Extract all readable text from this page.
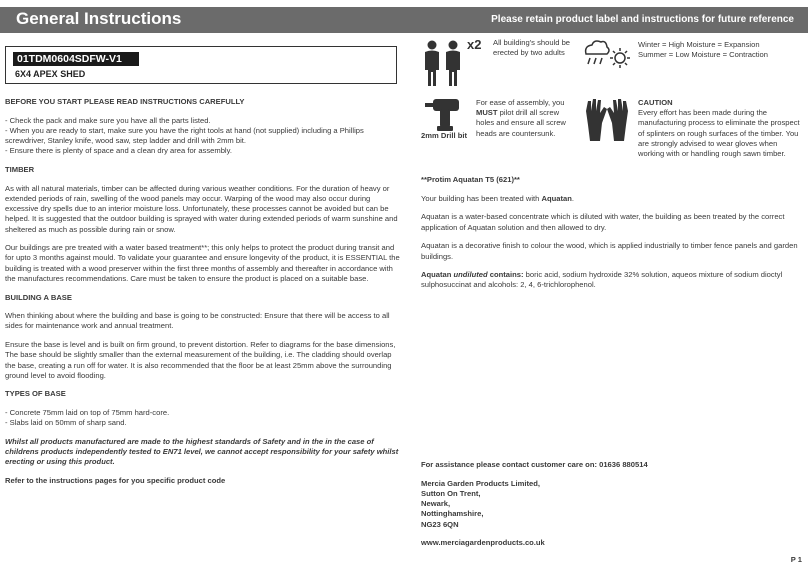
General Instructions	Please retain product label and instructions for future reference
01TDM0604SDFW-V1
6X4 APEX SHED
BEFORE YOU START PLEASE READ INSTRUCTIONS CAREFULLY

- Check the pack and make sure you have all the parts listed.
- When you are ready to start, make sure you have the right tools at hand (not supplied) including a Phillips screwdriver, Stanley knife, wood saw, step ladder and drill with 2mm bit.
- Ensure there is plenty of space and a clean dry area for assembly.

TIMBER

As with all natural materials, timber can be affected during various weather conditions. For the duration of heavy or extended periods of rain, swelling of the wood panels may occur. Warping of the wood may also occur during excessive dry spells due to an interior moisture loss. Unfortunately, these processes cannot be avoided but can be helped. It is suggested that the outdoor building is sprayed with water during extended periods of warm sunshine and sheltered as much as possible during rain or snow.

Our buildings are pre treated with a water based treatment**; this only helps to protect the product during transit and for upto 3 months against mould. To validate your guarantee and ensure longevity of the product, it is ESSENTIAL the building is treated with a wood preserver within the first three months of assembly and thereafter in accordance with the manufactures recommendations. Care must be taken to ensure the product is placed on a suitable base.

BUILDING A BASE

When thinking about where the building and base is going to be constructed: Ensure that there will be access to all sides for maintenance work and annual treatment.

Ensure the base is level and is built on firm ground, to prevent distortion. Refer to diagrams for the base dimensions, The base should be slightly smaller than the external measurement of the building, i.e. The cladding should overlap the base, creating a run off for water. It is also recommended that the floor be at least 25mm above the surrounding ground level to avoid flooding.

TYPES OF BASE

- Concrete 75mm laid on top of 75mm hard-core.
- Slabs laid on 50mm of sharp sand.

Whilst all products manufactured are made to the highest standards of Safety and in the in the case of childrens products independently tested to EN71 level, we cannot accept responsibility for your safety whilst erecting or using this product.

Refer to the instructions pages for you specific product code

x2 All building's should be erected by two adults
Winter = High Moisture = Expansion
Summer = Low Moisture = Contraction
2mm Drill bit
For ease of assembly, you MUST pilot drill all screw holes and ensure all screw heads are countersunk.
CAUTION
Every effort has been made during the manufacturing process to eliminate the prospect of splinters on rough surfaces of the timber. You are strongly advised to wear gloves when working with or handling rough sawn timber.

**Protim Aquatan T5 (621)**

Your building has been treated with Aquatan.

Aquatan is a water-based concentrate which is diluted with water, the building as been treated by the correct application of Aquatan solution and then allowed to dry.

Aquatan is a decorative finish to colour the wood, which is applied industrially to timber fence panels and garden buildings.

Aquatan undiluted contains: boric acid, sodium hydroxide 32% solution, aqueos mixture of sodium dioctyl sulphosuccinat and alcohols: 2, 4, 6-trichlorophenol.

For assistance please contact customer care on: 01636 880514

Mercia Garden Products Limited,
Sutton On Trent,
Newark,
Nottinghamshire,
NG23 6QN

www.merciagardenproducts.co.uk

P 1
